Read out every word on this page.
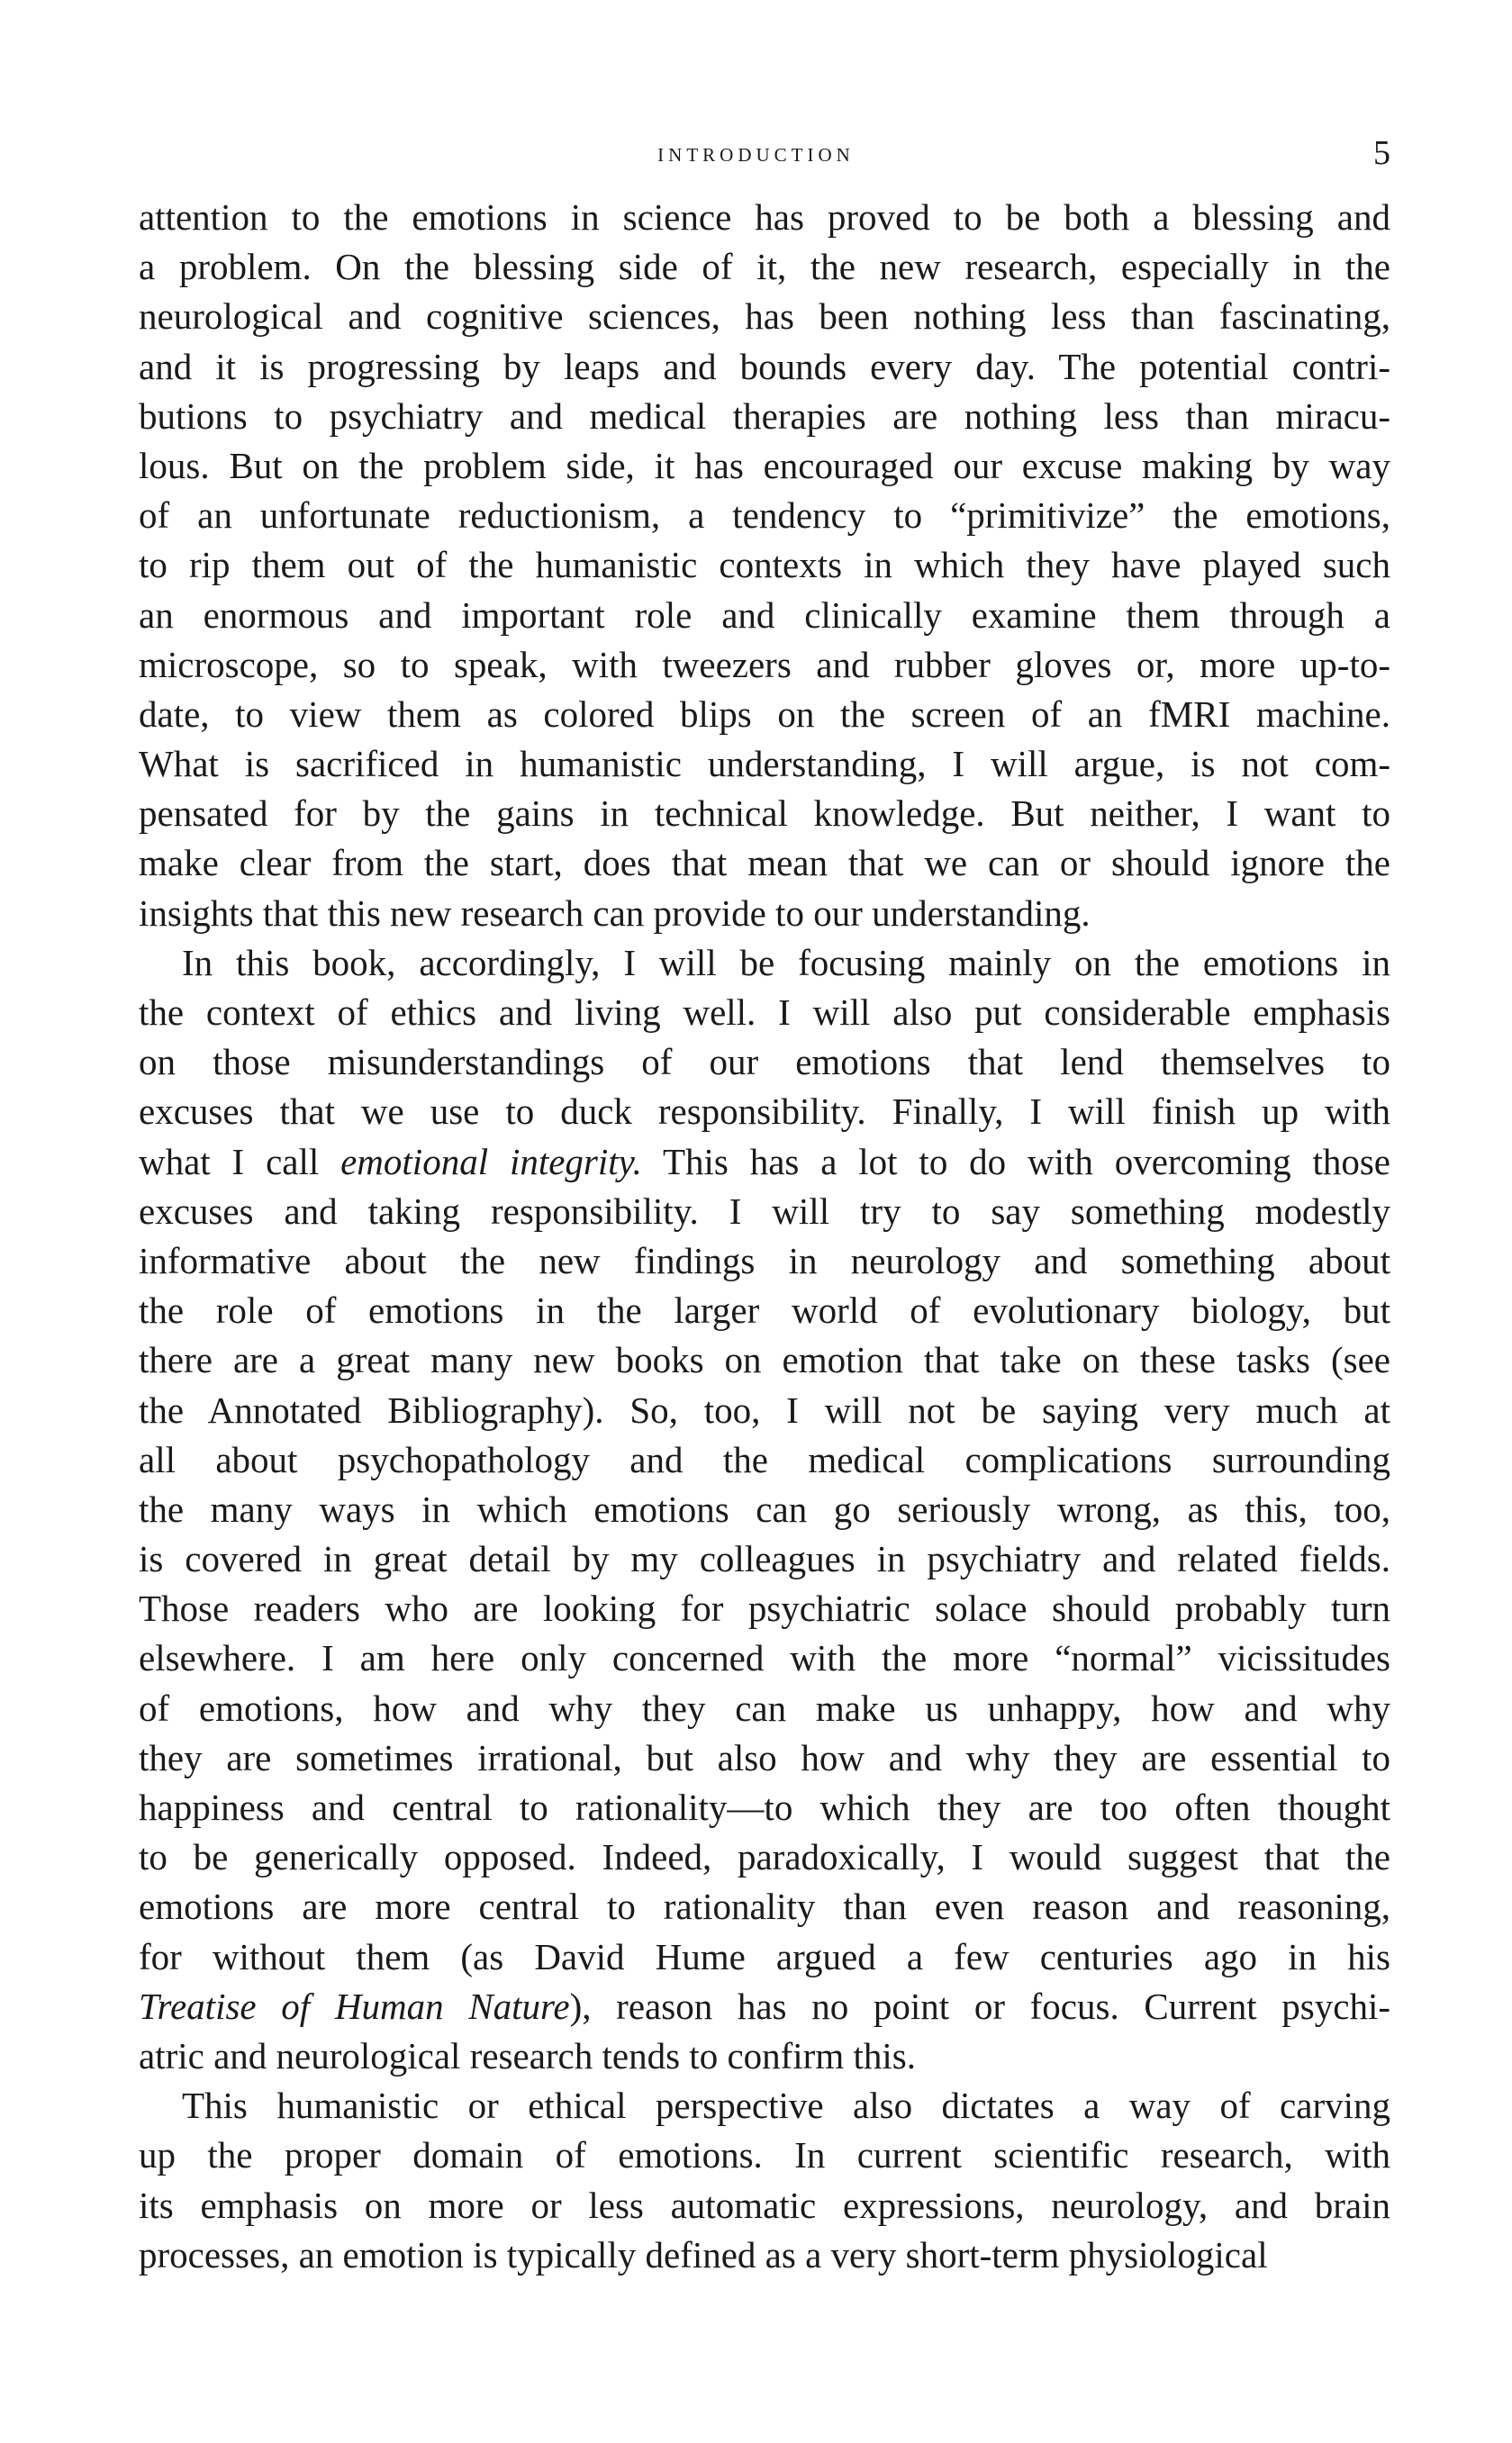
introduction	5
attention to the emotions in science has proved to be both a blessing and
a problem. On the blessing side of it, the new research, especially in the
neurological and cognitive sciences, has been nothing less than fascinating,
and it is progressing by leaps and bounds every day. The potential contri-
butions to psychiatry and medical therapies are nothing less than miracu-
lous. But on the problem side, it has encouraged our excuse making by way
of an unfortunate reductionism, a tendency to “primitivize” the emotions,
to rip them out of the humanistic contexts in which they have played such
an enormous and important role and clinically examine them through a
microscope, so to speak, with tweezers and rubber gloves or, more up-to-
date, to view them as colored blips on the screen of an fMRI machine.
What is sacrificed in humanistic understanding, I will argue, is not com-
pensated for by the gains in technical knowledge. But neither, I want to
make clear from the start, does that mean that we can or should ignore the
insights that this new research can provide to our understanding.
In this book, accordingly, I will be focusing mainly on the emotions in
the context of ethics and living well. I will also put considerable emphasis
on those misunderstandings of our emotions that lend themselves to
excuses that we use to duck responsibility. Finally, I will finish up with
what I call emotional integrity. This has a lot to do with overcoming those
excuses and taking responsibility. I will try to say something modestly
informative about the new findings in neurology and something about
the role of emotions in the larger world of evolutionary biology, but
there are a great many new books on emotion that take on these tasks (see
the Annotated Bibliography). So, too, I will not be saying very much at
all about psychopathology and the medical complications surrounding
the many ways in which emotions can go seriously wrong, as this, too,
is covered in great detail by my colleagues in psychiatry and related fields.
Those readers who are looking for psychiatric solace should probably turn
elsewhere. I am here only concerned with the more “normal” vicissitudes
of emotions, how and why they can make us unhappy, how and why
they are sometimes irrational, but also how and why they are essential to
happiness and central to rationality—to which they are too often thought
to be generically opposed. Indeed, paradoxically, I would suggest that the
emotions are more central to rationality than even reason and reasoning,
for without them (as David Hume argued a few centuries ago in his
Treatise of Human Nature), reason has no point or focus. Current psychi-
atric and neurological research tends to confirm this.
This humanistic or ethical perspective also dictates a way of carving
up the proper domain of emotions. In current scientific research, with
its emphasis on more or less automatic expressions, neurology, and brain
processes, an emotion is typically defined as a very short-term physiological
